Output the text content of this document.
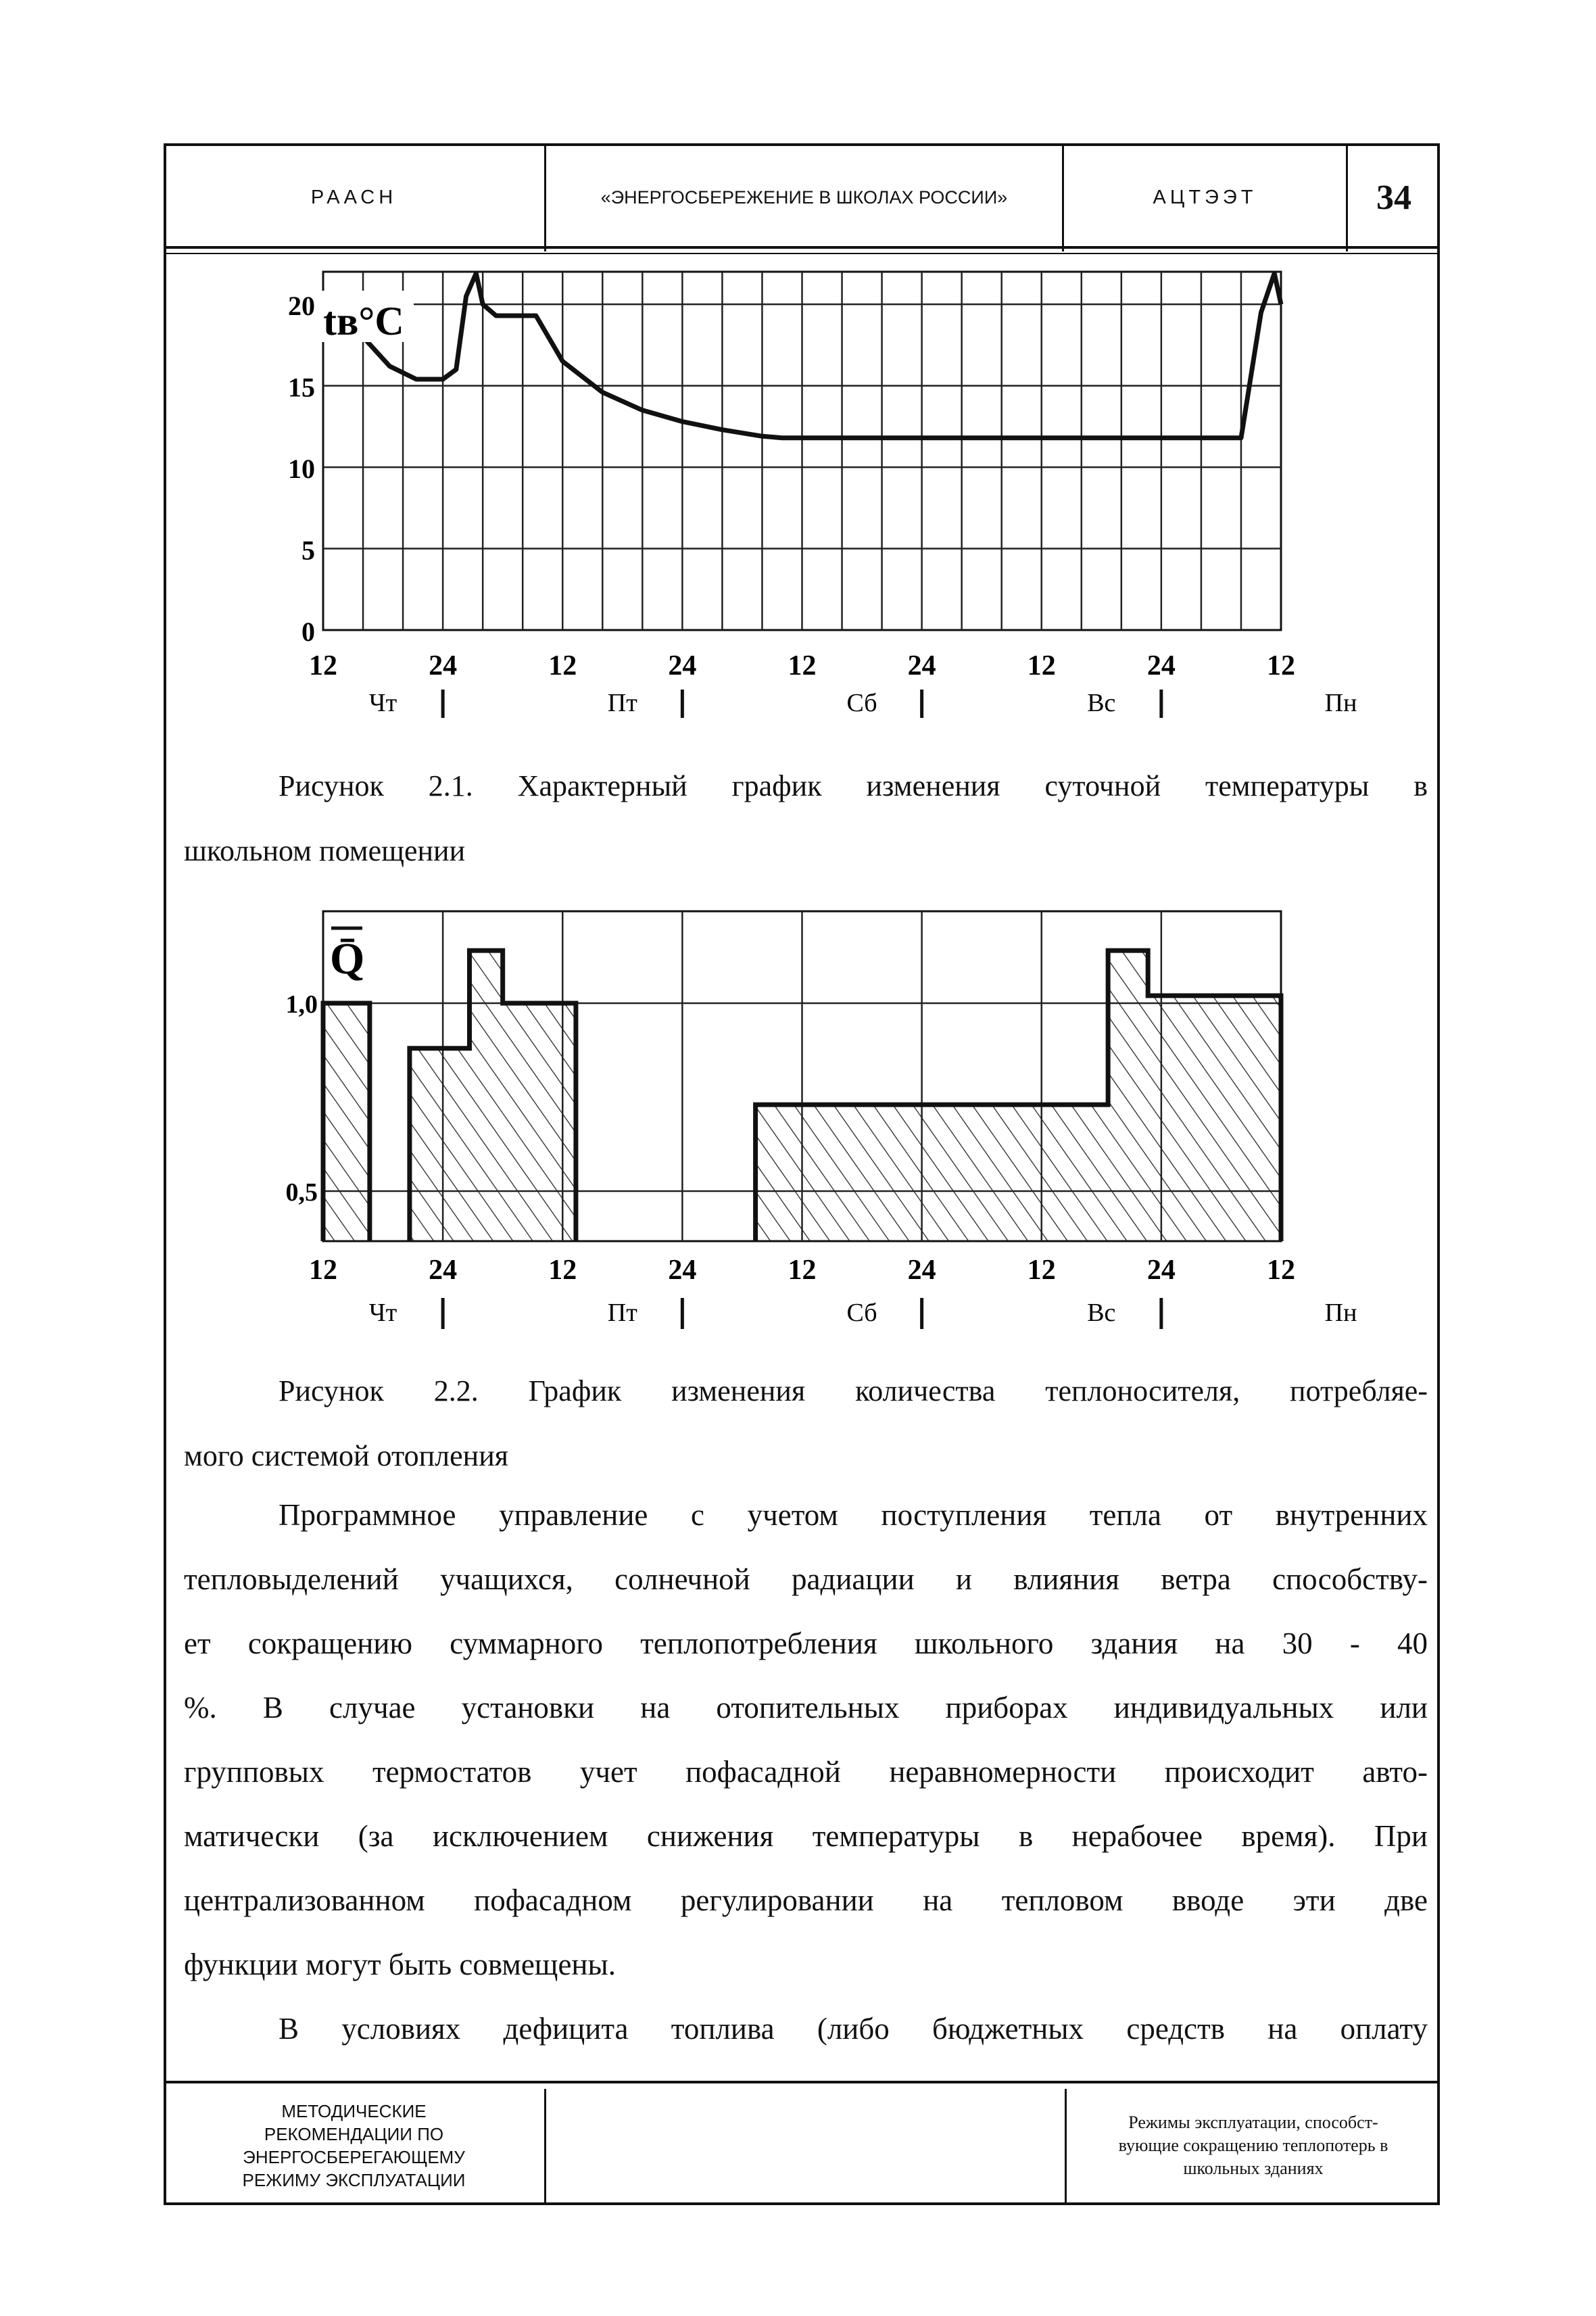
РААСН	«ЭНЕРГОСБЕРЕЖЕНИЕ В ШКОЛАХ РОССИИ»	АЦТЭЭТ	34
20
15
10
5
0
12	24	12	24	12	24	12	24	12
Чт	Пт	Сб	Вс	Пн
tв°C
Рисунок 2.1. Характерный график изменения суточной температуры в
школьном помещении
1,0
0,5
12	24	12	24	12	24	12	24	12
Чт	Пт	Сб	Вс	Пн
Q̄
Рисунок 2.2. График изменения количества теплоносителя, потребляе-
мого системой отопления
Программное управление с учетом поступления тепла от внутренних
тепловыделений учащихся, солнечной радиации и влияния ветра способству-
ет сокращению суммарного теплопотребления школьного здания на 30 - 40
%. В случае установки на отопительных приборах индивидуальных или
групповых термостатов учет пофасадной неравномерности происходит авто-
матически (за исключением снижения температуры в нерабочее время). При
централизованном пофасадном регулировании на тепловом вводе эти две
функции могут быть совмещены.
В условиях дефицита топлива (либо бюджетных средств на оплату
МЕТОДИЧЕСКИЕ
РЕКОМЕНДАЦИИ ПО
ЭНЕРГОСБЕРЕГАЮЩЕМУ
РЕЖИМУ ЭКСПЛУАТАЦИИ
Режимы эксплуатации, способст-
вующие сокращению теплопотерь в
школьных зданиях
